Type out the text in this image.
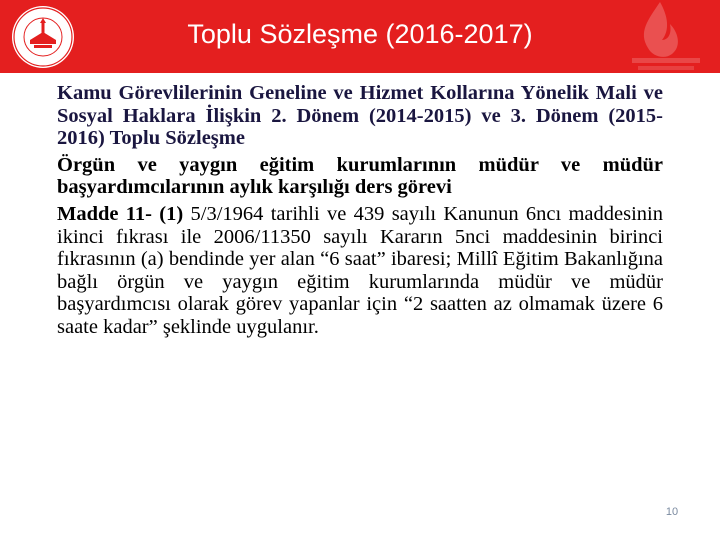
Toplu Sözleşme (2016-2017)
Kamu Görevlilerinin Geneline ve Hizmet Kollarına Yönelik Mali ve Sosyal Haklara İlişkin 2. Dönem (2014-2015) ve 3. Dönem (2015-2016) Toplu Sözleşme
Örgün ve yaygın eğitim kurumlarının müdür ve müdür başyardımcılarının aylık karşılığı ders görevi
Madde 11- (1) 5/3/1964 tarihli ve 439 sayılı Kanunun 6ncı maddesinin ikinci fıkrası ile 2006/11350 sayılı Kararın 5nci maddesinin birinci fıkrasının (a) bendinde yer alan “6 saat” ibaresi; Millî Eğitim Bakanlığına bağlı örgün ve yaygın eğitim kurumlarında müdür ve müdür başyardımcısı olarak görev yapanlar için “2 saatten az olmamak üzere 6 saate kadar” şeklinde uygulanır.
10
